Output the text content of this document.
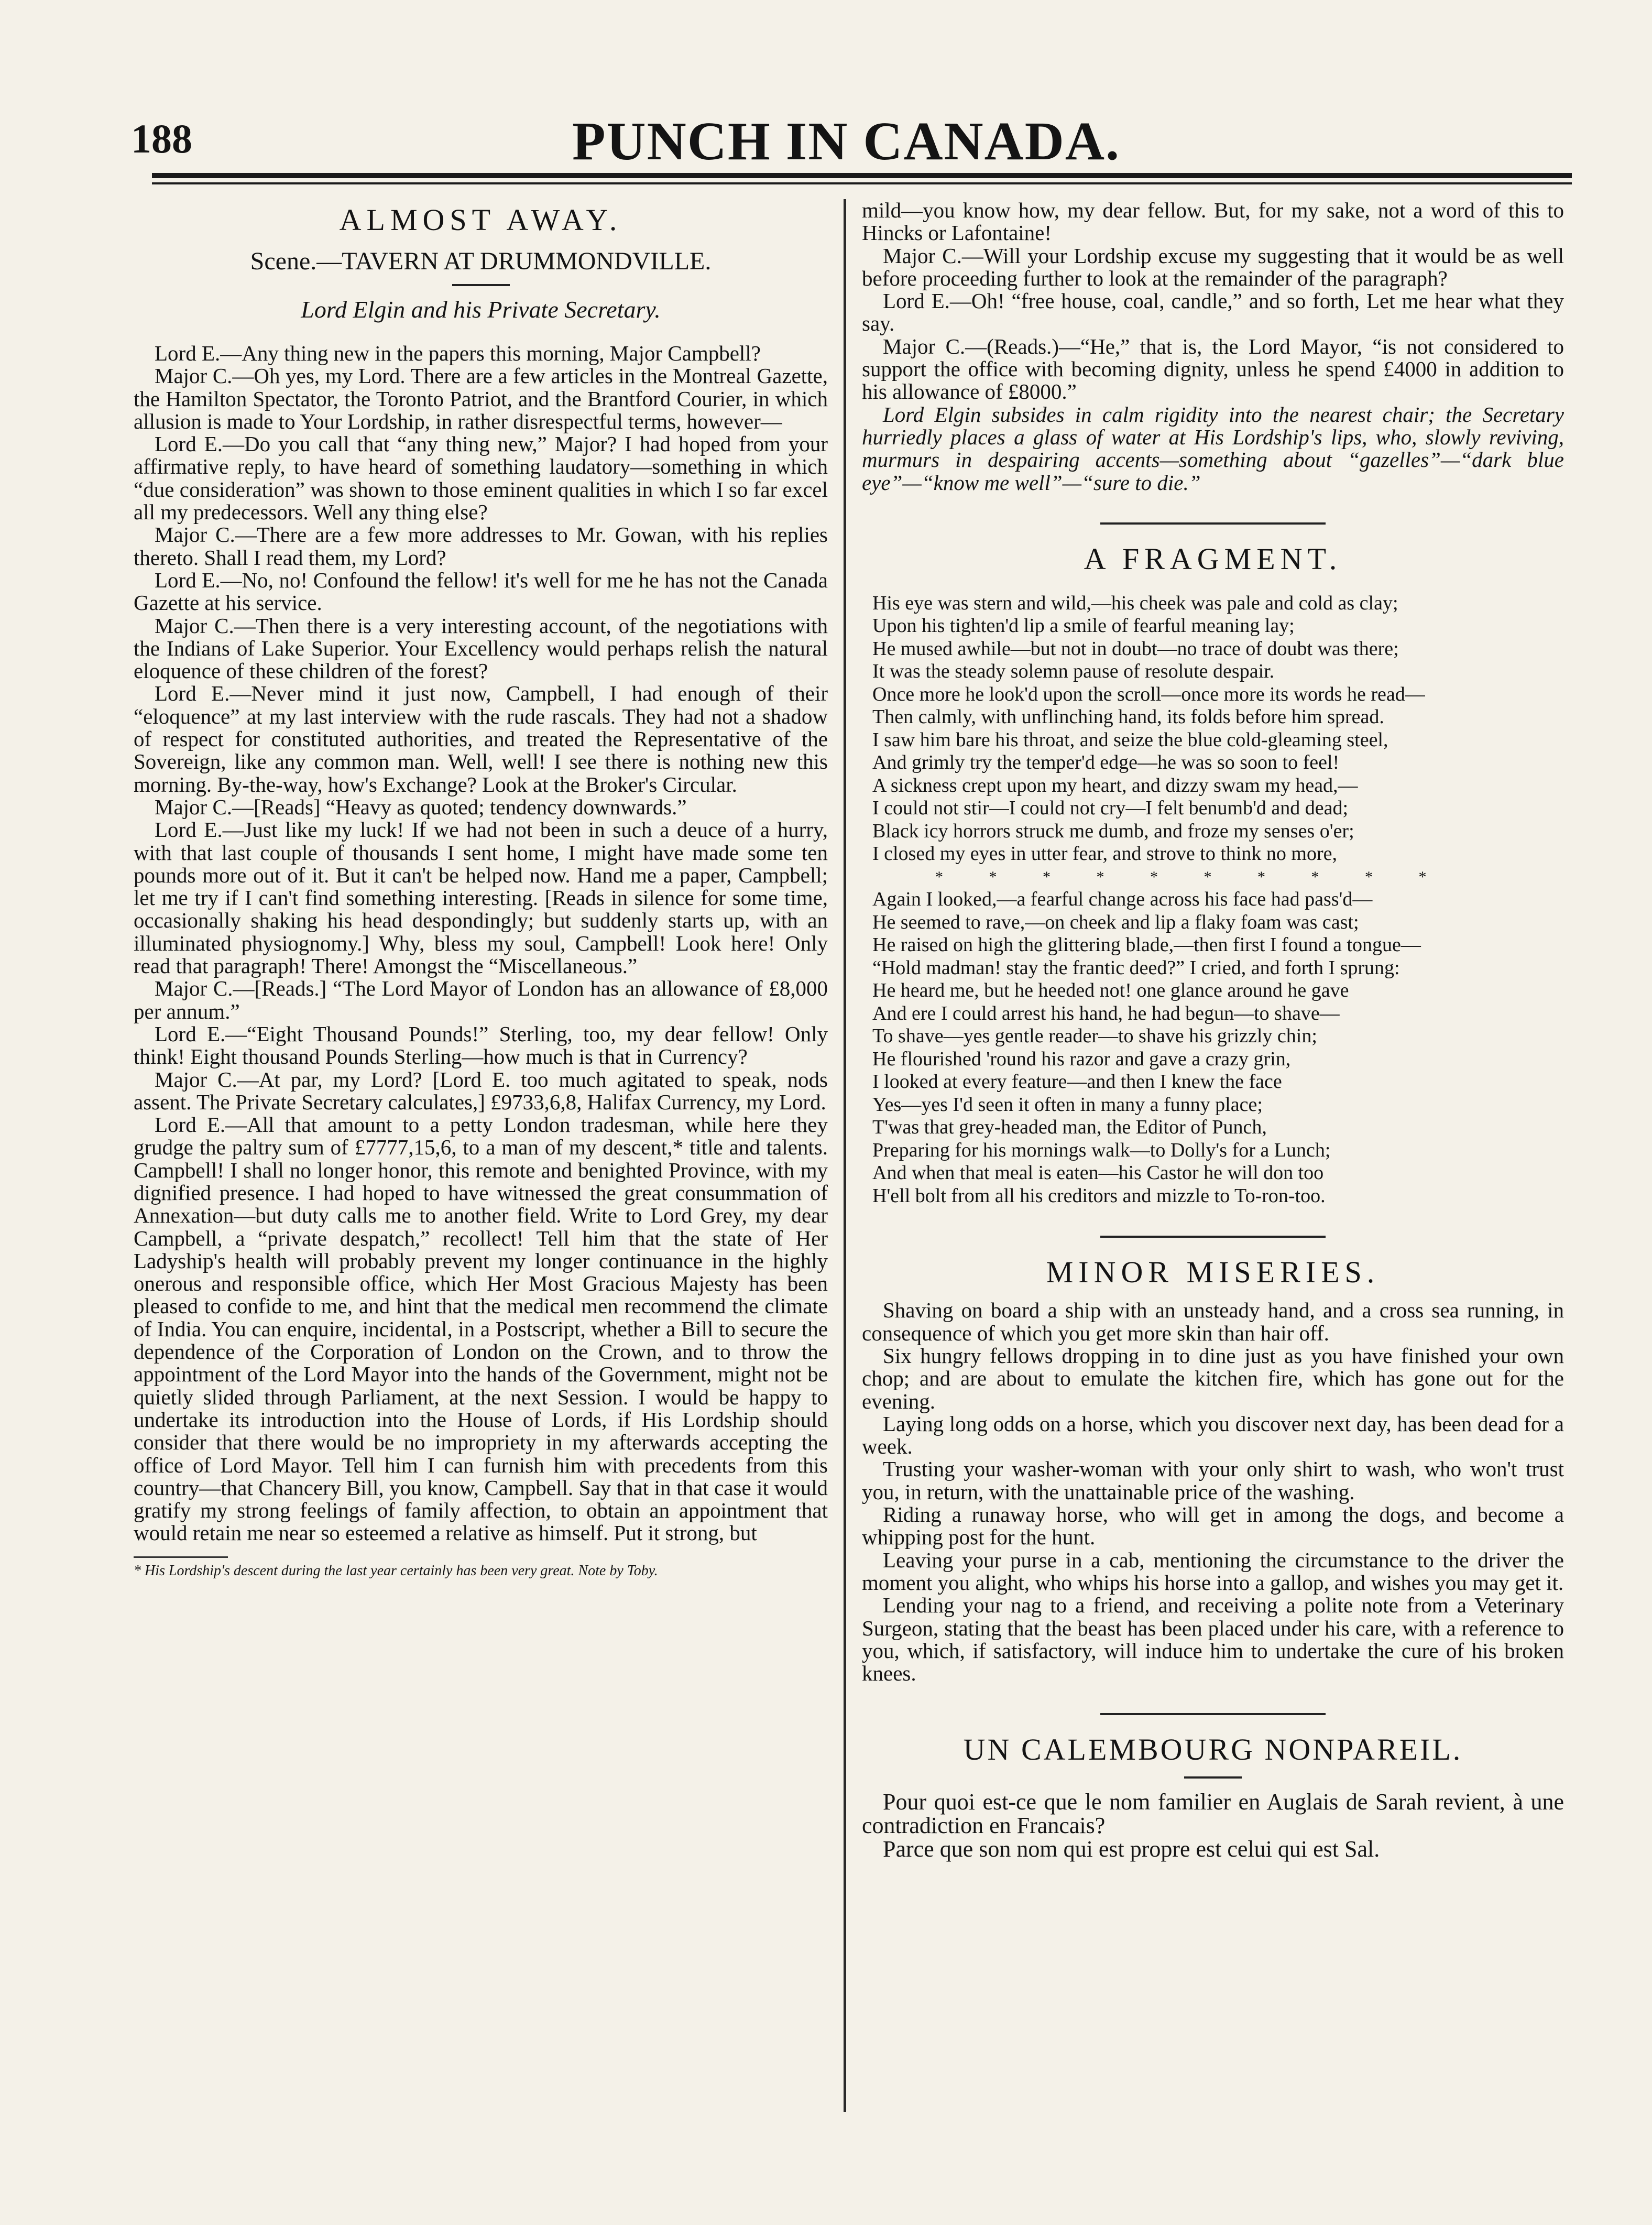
188	PUNCH IN CANADA.
ALMOST AWAY.
Scene.—TAVERN AT DRUMMONDVILLE.
Lord Elgin and his Private Secretary.

Lord E.—Any thing new in the papers this morning, Major Campbell?

Major C.—Oh yes, my Lord. There are a few articles in the Montreal Gazette, the Hamilton Spectator, the Toronto Patriot, and the Brantford Courier, in which allusion is made to Your Lordship, in rather disrespectful terms, however—

Lord E.—Do you call that “any thing new,” Major? I had hoped from your affirmative reply, to have heard of something laudatory—something in which “due consideration” was shown to those eminent qualities in which I so far excel all my predecessors. Well any thing else?

Major C.—There are a few more addresses to Mr. Gowan, with his replies thereto. Shall I read them, my Lord?

Lord E.—No, no! Confound the fellow! it's well for me he has not the Canada Gazette at his service.

Major C.—Then there is a very interesting account, of the negotiations with the Indians of Lake Superior. Your Excellency would perhaps relish the natural eloquence of these children of the forest?

Lord E.—Never mind it just now, Campbell, I had enough of their “eloquence” at my last interview with the rude rascals. They had not a shadow of respect for constituted authorities, and treated the Representative of the Sovereign, like any common man. Well, well! I see there is nothing new this morning. By-the-way, how's Exchange? Look at the Broker's Circular.

Major C.—[Reads] “Heavy as quoted; tendency downwards.”

Lord E.—Just like my luck! If we had not been in such a deuce of a hurry, with that last couple of thousands I sent home, I might have made some ten pounds more out of it. But it can't be helped now. Hand me a paper, Campbell; let me try if I can't find something interesting. [Reads in silence for some time, occasionally shaking his head despondingly; but suddenly starts up, with an illuminated physiognomy.] Why, bless my soul, Campbell! Look here! Only read that paragraph! There! Amongst the “Miscellaneous.”

Major C.—[Reads.] “The Lord Mayor of London has an allowance of £8,000 per annum.”

Lord E.—“Eight Thousand Pounds!” Sterling, too, my dear fellow! Only think! Eight thousand Pounds Sterling—how much is that in Currency?

Major C.—At par, my Lord? [Lord E. too much agitated to speak, nods assent. The Private Secretary calculates,] £9733,6,8, Halifax Currency, my Lord.

Lord E.—All that amount to a petty London tradesman, while here they grudge the paltry sum of £7777,15,6, to a man of my descent,* title and talents. Campbell! I shall no longer honor, this remote and benighted Province, with my dignified presence. I had hoped to have witnessed the great consummation of Annexation—but duty calls me to another field. Write to Lord Grey, my dear Campbell, a “private despatch,” recollect! Tell him that the state of Her Ladyship's health will probably prevent my longer continuance in the highly onerous and responsible office, which Her Most Gracious Majesty has been pleased to confide to me, and hint that the medical men recommend the climate of India. You can enquire, incidental, in a Postscript, whether a Bill to secure the dependence of the Corporation of London on the Crown, and to throw the appointment of the Lord Mayor into the hands of the Government, might not be quietly slided through Parliament, at the next Session. I would be happy to undertake its introduction into the House of Lords, if His Lordship should consider that there would be no impropriety in my afterwards accepting the office of Lord Mayor. Tell him I can furnish him with precedents from this country—that Chancery Bill, you know, Campbell. Say that in that case it would gratify my strong feelings of family affection, to obtain an appointment that would retain me near so esteemed a relative as himself. Put it strong, but

* His Lordship's descent during the last year certainly has been very great. Note by Toby.

mild—you know how, my dear fellow. But, for my sake, not a word of this to Hincks or Lafontaine!

Major C.—Will your Lordship excuse my suggesting that it would be as well before proceeding further to look at the remainder of the paragraph?

Lord E.—Oh! “free house, coal, candle,” and so forth, Let me hear what they say.

Major C.—(Reads.)—“He,” that is, the Lord Mayor, “is not considered to support the office with becoming dignity, unless he spend £4000 in addition to his allowance of £8000.”

Lord Elgin subsides in calm rigidity into the nearest chair; the Secretary hurriedly places a glass of water at His Lordship's lips, who, slowly reviving, murmurs in despairing accents—something about “gazelles”—“dark blue eye”—“know me well”—“sure to die.”

A FRAGMENT.
His eye was stern and wild,—his cheek was pale and cold as clay;
Upon his tighten'd lip a smile of fearful meaning lay;
He mused awhile—but not in doubt—no trace of doubt was there;
It was the steady solemn pause of resolute despair.
Once more he look'd upon the scroll—once more its words he read—
Then calmly, with unflinching hand, its folds before him spread.
I saw him bare his throat, and seize the blue cold-gleaming steel,
And grimly try the temper'd edge—he was so soon to feel!
A sickness crept upon my heart, and dizzy swam my head,—
I could not stir—I could not cry—I felt benumb'd and dead;
Black icy horrors struck me dumb, and froze my senses o'er;
I closed my eyes in utter fear, and strove to think no more,
* * * * * * * * * *
Again I looked,—a fearful change across his face had pass'd—
He seemed to rave,—on cheek and lip a flaky foam was cast;
He raised on high the glittering blade,—then first I found a tongue—
“Hold madman! stay the frantic deed?” I cried, and forth I sprung:
He heard me, but he heeded not! one glance around he gave
And ere I could arrest his hand, he had begun—to shave—
To shave—yes gentle reader—to shave his grizzly chin;
He flourished 'round his razor and gave a crazy grin,
I looked at every feature—and then I knew the face
Yes—yes I'd seen it often in many a funny place;
T'was that grey-headed man, the Editor of Punch,
Preparing for his mornings walk—to Dolly's for a Lunch;
And when that meal is eaten—his Castor he will don too
H'ell bolt from all his creditors and mizzle to To-ron-too.
MINOR MISERIES.

Shaving on board a ship with an unsteady hand, and a cross sea running, in consequence of which you get more skin than hair off.

Six hungry fellows dropping in to dine just as you have finished your own chop; and are about to emulate the kitchen fire, which has gone out for the evening.

Laying long odds on a horse, which you discover next day, has been dead for a week.

Trusting your washer-woman with your only shirt to wash, who won't trust you, in return, with the unattainable price of the washing.

Riding a runaway horse, who will get in among the dogs, and become a whipping post for the hunt.

Leaving your purse in a cab, mentioning the circumstance to the driver the moment you alight, who whips his horse into a gallop, and wishes you may get it.

Lending your nag to a friend, and receiving a polite note from a Veterinary Surgeon, stating that the beast has been placed under his care, with a reference to you, which, if satisfactory, will induce him to undertake the cure of his broken knees.

UN CALEMBOURG NONPAREIL.

Pour quoi est-ce que le nom familier en Auglais de Sarah revient, à une contradiction en Francais?

Parce que son nom qui est propre est celui qui est Sal.
